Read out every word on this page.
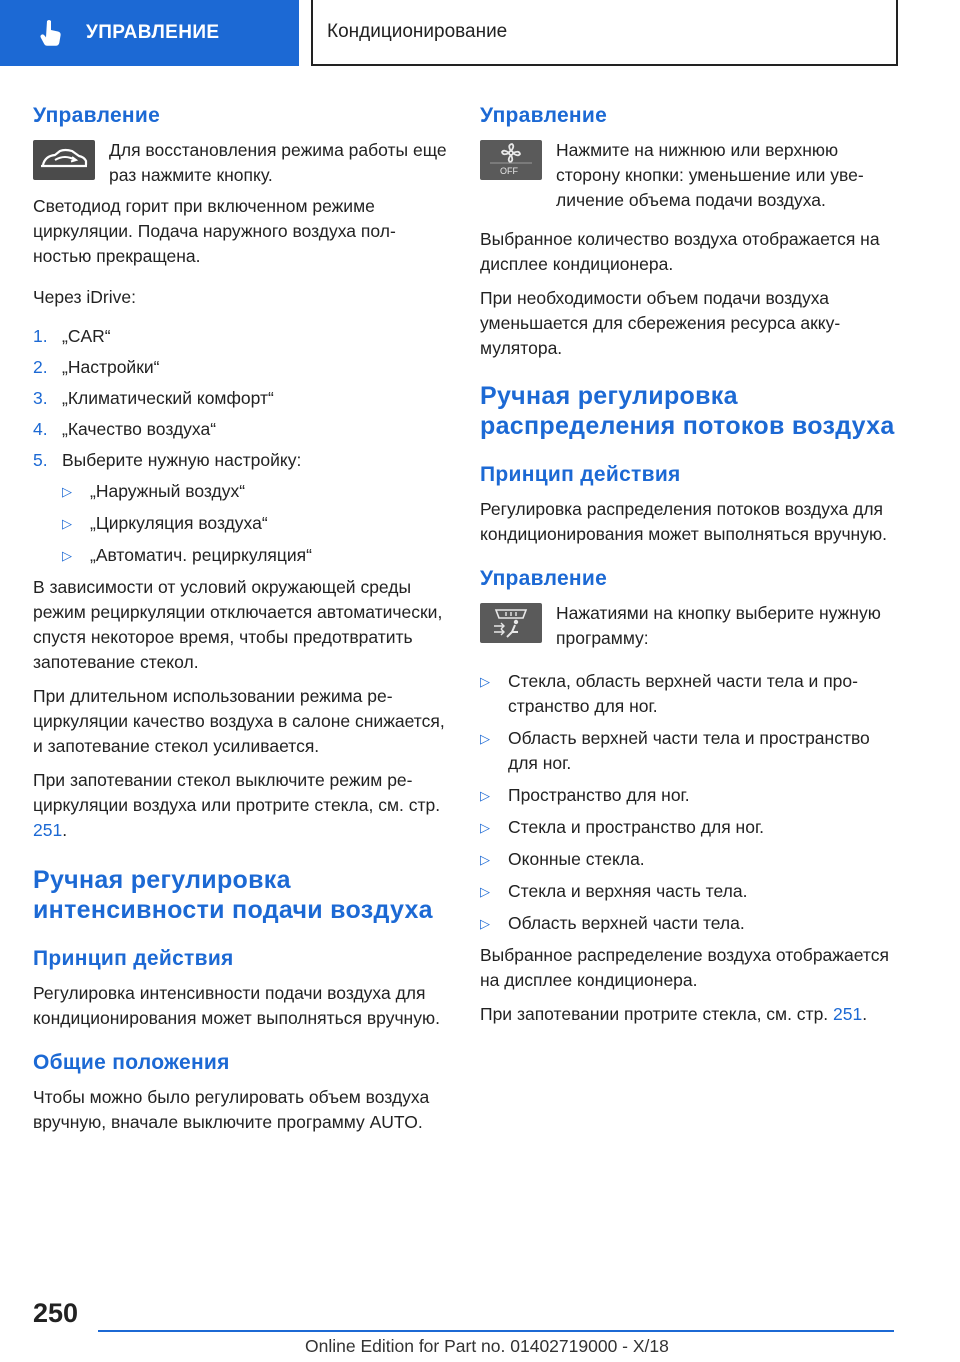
УПРАВЛЕНИЕ	Кондиционирование
Управление

Для восстановления режима работы еще раз нажмите кнопку.

Светодиод горит при включенном режиме циркуляции. Подача наружного воздуха полностью прекращена.

Через iDrive:

1. „CAR“
2. „Настройки“
3. „Климатический комфорт“
4. „Качество воздуха“
5. Выберите нужную настройку:
▷	„Наружный воздух“
▷	„Циркуляция воздуха“
▷	„Автоматич. рециркуляция“

В зависимости от условий окружающей среды режим рециркуляции отключается автоматически, спустя некоторое время, чтобы предотвратить запотевание стекол.

При длительном использовании режима рециркуляции качество воздуха в салоне снижается, и запотевание стекол усиливается.

При запотевании стекол выключите режим рециркуляции воздуха или протрите стекла, см. стр. 251.

Ручная регулировка интенсивности подачи воздуха
Принцип действия

Регулировка интенсивности подачи воздуха для кондиционирования может выполняться вручную.

Общие положения

Чтобы можно было регулировать объем воздуха вручную, вначале выключите программу AUTO.

Управление
OFF

Нажмите на нижнюю или верхнюю сторону кнопки: уменьшение или увеличение объема подачи воздуха.

Выбранное количество воздуха отображается на дисплее кондиционера.

При необходимости объем подачи воздуха уменьшается для сбережения ресурса аккумулятора.

Ручная регулировка распределения потоков воздуха
Принцип действия

Регулировка распределения потоков воздуха для кондиционирования может выполняться вручную.

Управление

Нажатиями на кнопку выберите нужную программу:

▷	Стекла, область верхней части тела и пространство для ног.
▷	Область верхней части тела и пространство для ног.
▷	Пространство для ног.
▷	Стекла и пространство для ног.
▷	Оконные стекла.
▷	Стекла и верхняя часть тела.
▷	Область верхней части тела.

Выбранное распределение воздуха отображается на дисплее кондиционера.

При запотевании протрите стекла, см. стр. 251.

250
Online Edition for Part no. 01402719000 - X/18
